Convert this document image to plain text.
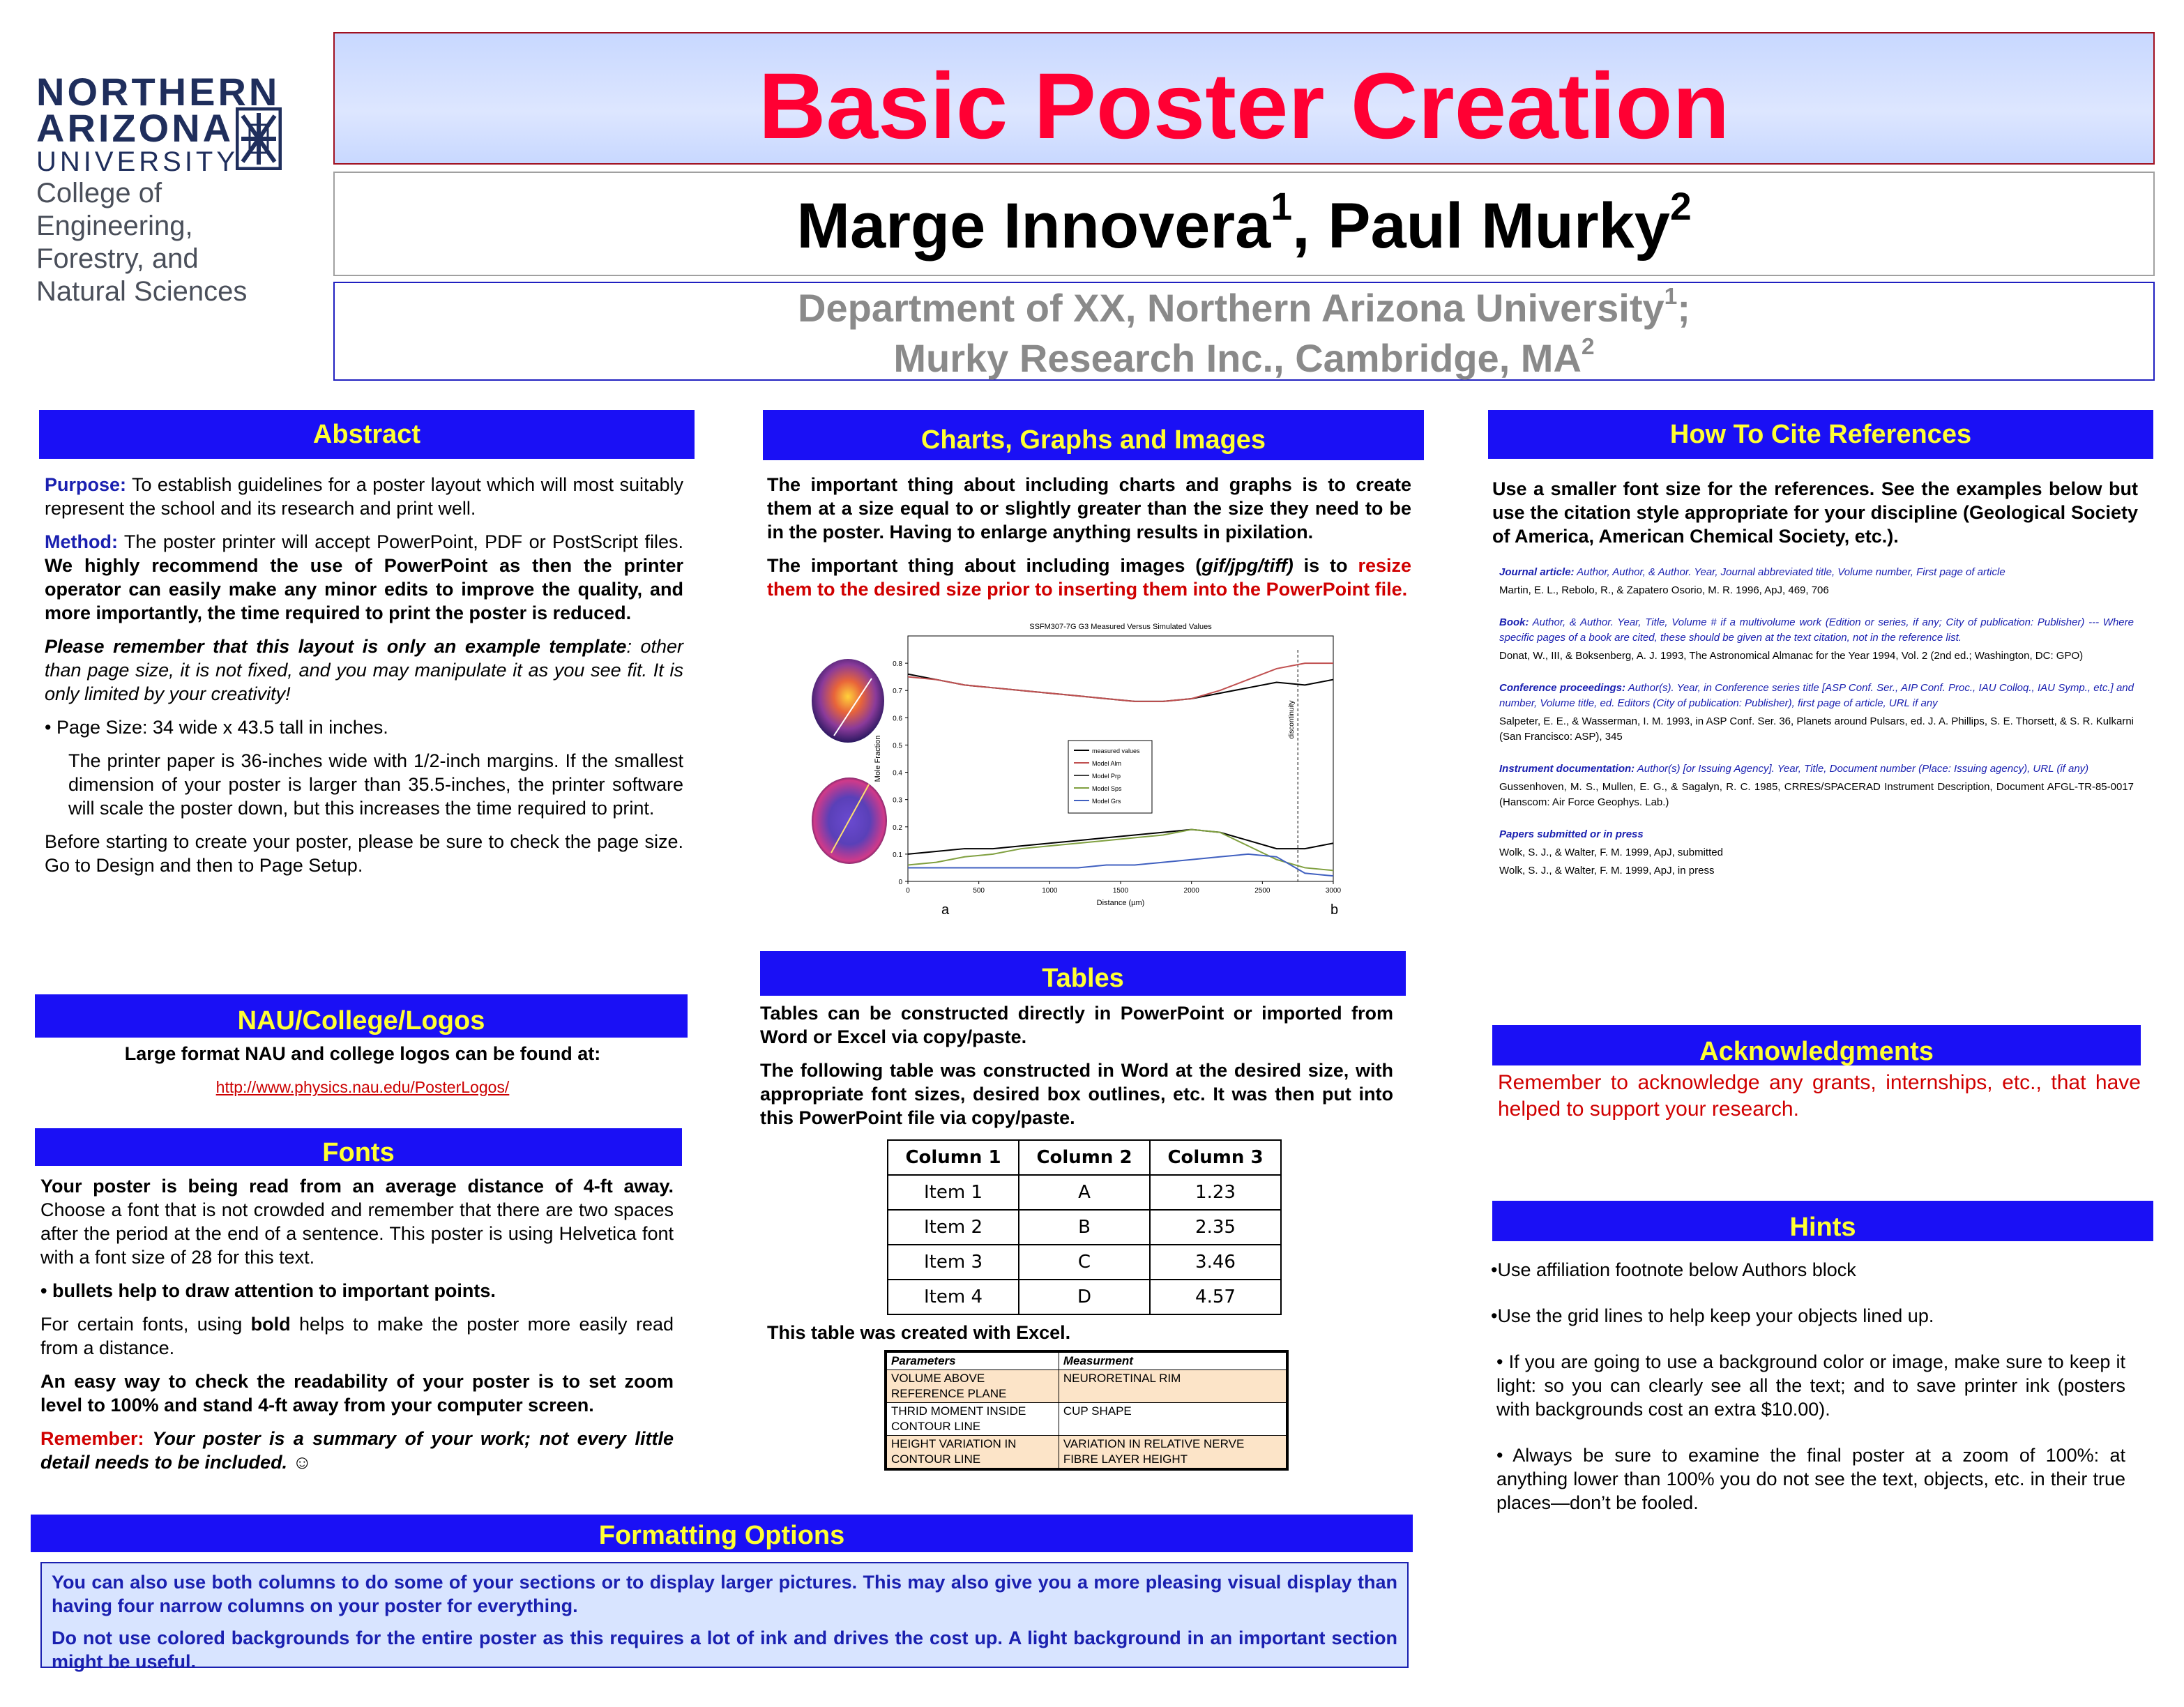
NORTHERN
ARIZONA
UNIVERSITY
College of Engineering,
Forestry, and
Natural Sciences
Basic Poster Creation
Marge Innovera$^1$, Paul Murky$^2$
Department of XX, Northern Arizona University$^1$;
Murky Research Inc., Cambridge, $MA^2$
Abstract

Purpose: To establish guidelines for a poster layout which will most suitably represent the school and its research and print well.

Method: The poster printer will accept PowerPoint, PDF or PostScript files. We highly recommend the use of PowerPoint as then the printer operator can easily make any minor edits to improve the quality, and more importantly, the time required to print the poster is reduced.

Please remember that this layout is only an example template: other than page size, it is not fixed, and you may manipulate it as you see fit. It is only limited by your creativity!

• Page Size: 34 wide x 43.5 tall in inches.

The printer paper is 36-inches wide with 1/2-inch margins. If the smallest dimension of your poster is larger than 35.5-inches, the printer software will scale the poster down, but this increases the time required to print.

Before starting to create your poster, please be sure to check the page size. Go to Design and then to Page Setup.

NAU/College/Logos

Large format NAU and college logos can be found at:

http://www.physics.nau.edu/PosterLogos/

Fonts

Your poster is being read from an average distance of 4-ft away. Choose a font that is not crowded and remember that there are two spaces after the period at the end of a sentence. This poster is using Helvetica font with a font size of 28 for this text.

• bullets help to draw attention to important points.

For certain fonts, using bold helps to make the poster more easily read from a distance.

An easy way to check the readability of your poster is to set zoom level to 100% and stand 4-ft away from your computer screen.

Remember: Your poster is a summary of your work; not every little detail needs to be included. ☺

Charts, Graphs and Images

The important thing about including charts and graphs is to create them at a size equal to or slightly greater than the size they need to be in the poster. Having to enlarge anything results in pixilation.

The important thing about including images (gif/jpg/tiff) is to resize them to the desired size prior to inserting them into the PowerPoint file.

Mn
a
Ca
b
1 mm
SSFM307-7G G3 Measured Versus Simulated Values
0
0.1
0.2
0.3
0.4
0.5
0.6
0.7
0.8
0	500	1000	1500	2000	2500	3000
Distance (µm)
Mole Fraction
discontinuity
measured values
Model Alm
Model Prp
Model Sps
Model Grs
a	b
Tables

Tables can be constructed directly in PowerPoint or imported from Word or Excel via copy/paste.

The following table was constructed in Word at the desired size, with appropriate font sizes, desired box outlines, etc. It was then put into this PowerPoint file via copy/paste.

Column 1	Column 2	Column 3
Item 1	A	1.23
Item 2	B	2.35
Item 3	C	3.46
Item 4	D	4.57
This table was created with Excel.
Parameters	Measurment
VOLUME ABOVE REFERENCE PLANE	NEURORETINAL RIM
THRID MOMENT INSIDE CONTOUR LINE	CUP SHAPE
HEIGHT VARIATION IN CONTOUR LINE	VARIATION IN RELATIVE NERVE FIBRE LAYER HEIGHT
Formatting Options

You can also use both columns to do some of your sections or to display larger pictures. This may also give you a more pleasing visual display than having four narrow columns on your poster for everything.

Do not use colored backgrounds for the entire poster as this requires a lot of ink and drives the cost up. A light background in an important section might be useful.

How To Cite References
Use a smaller font size for the references. See the examples below but use the citation style appropriate for your discipline (Geological Society of America, American Chemical Society, etc.).

Journal article: Author, Author, & Author. Year, Journal abbreviated title, Volume number, First page of article

Martin, E. L., Rebolo, R., & Zapatero Osorio, M. R. 1996, ApJ, 469, 706

Book: Author, & Author. Year, Title, Volume # if a multivolume work (Edition or series, if any; City of publication: Publisher) --- Where specific pages of a book are cited, these should be given at the text citation, not in the reference list.

Donat, W., III, & Boksenberg, A. J. 1993, The Astronomical Almanac for the Year 1994, Vol. 2 (2nd ed.; Washington, DC: GPO)

Conference proceedings: Author(s). Year, in Conference series title [ASP Conf. Ser., AIP Conf. Proc., IAU Colloq., IAU Symp., etc.] and number, Volume title, ed. Editors (City of publication: Publisher), first page of article, URL if any

Salpeter, E. E., & Wasserman, I. M. 1993, in ASP Conf. Ser. 36, Planets around Pulsars, ed. J. A. Phillips, S. E. Thorsett, & S. R. Kulkarni (San Francisco: ASP), 345

Instrument documentation: Author(s) [or Issuing Agency]. Year, Title, Document number (Place: Issuing agency), URL (if any)

Gussenhoven, M. S., Mullen, E. G., & Sagalyn, R. C. 1985, CRRES/SPACERAD Instrument Description, Document AFGL-TR-85-0017 (Hanscom: Air Force Geophys. Lab.)

Papers submitted or in press

Wolk, S. J., & Walter, F. M. 1999, ApJ, submitted

Wolk, S. J., & Walter, F. M. 1999, ApJ, in press

Acknowledgments
Remember to acknowledge any grants, internships, etc., that have helped to support your research.
Hints

•Use affiliation footnote below Authors block

•Use the grid lines to help keep your objects lined up.

• If you are going to use a background color or image, make sure to keep it light: so you can clearly see all the text; and to save printer ink (posters with backgrounds cost an extra $10.00).

• Always be sure to examine the final poster at a zoom of 100%: at anything lower than 100% you do not see the text, objects, etc. in their true places—don’t be fooled.
